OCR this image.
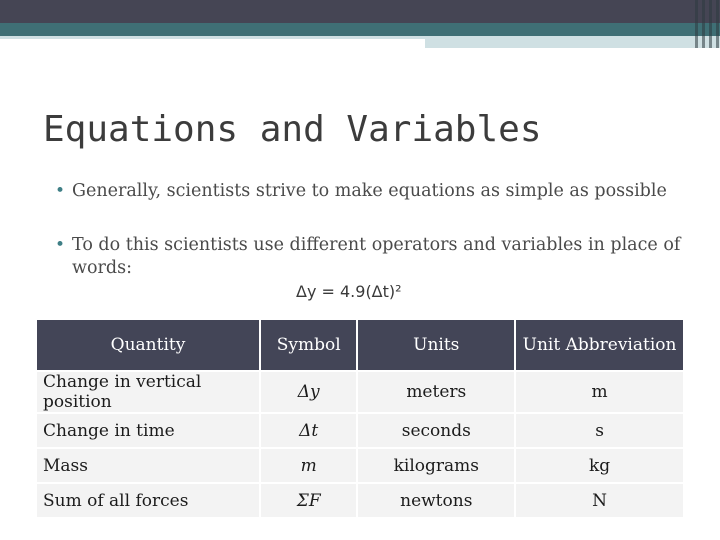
Equations and Variables
• Generally, scientists strive to make equations as simple as possible
• To do this scientists use different operators and variables in place of words:
Δy = 4.9(Δt)²
Quantity	Symbol	Units	Unit Abbreviation
Change in vertical position	Δy	meters	m
Change in time	Δt	seconds	s
Mass	m	kilograms	kg
Sum of all forces	ΣF	newtons	N
